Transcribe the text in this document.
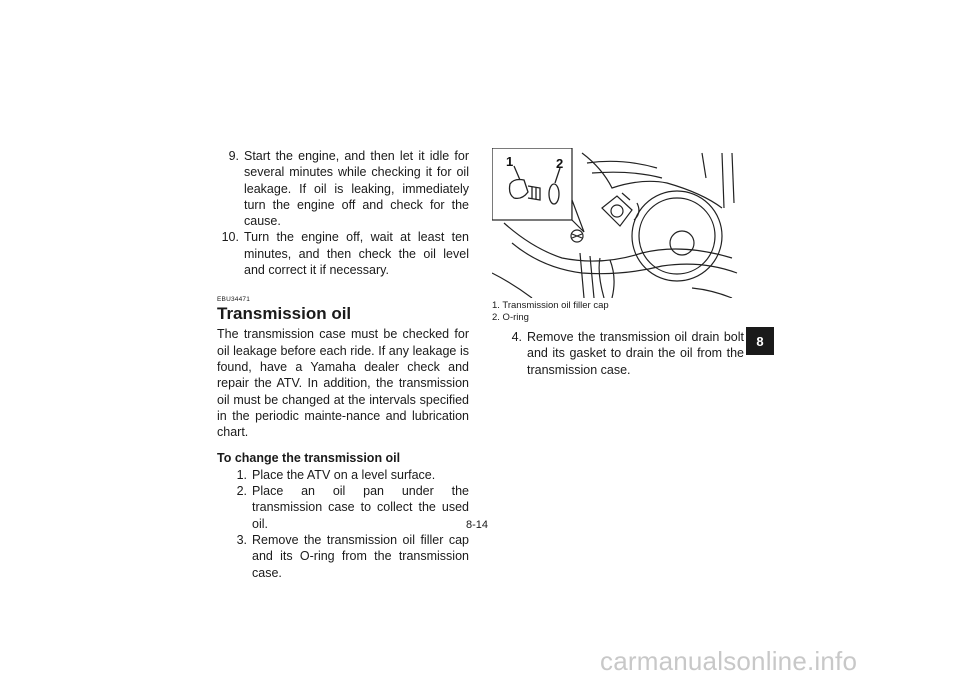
9. Start the engine, and then let it idle for several minutes while checking it for oil leakage. If oil is leaking, immediately turn the engine off and check for the cause.
10. Turn the engine off, wait at least ten minutes, and then check the oil level and correct it if necessary.
EBU34471
Transmission oil

The transmission case must be checked for oil leakage before each ride. If any leakage is found, have a Yamaha dealer check and repair the ATV. In addition, the transmission oil must be changed at the intervals specified in the periodic mainte-nance and lubrication chart.

To change the transmission oil
1. Place the ATV on a level surface.
2. Place an oil pan under the transmission case to collect the used oil.
3. Remove the transmission oil filler cap and its O-ring from the transmission case.
1	2
1. Transmission oil filler cap
2. O-ring
4. Remove the transmission oil drain bolt and its gasket to drain the oil from the transmission case.
8
8-14
carmanualsonline.info
